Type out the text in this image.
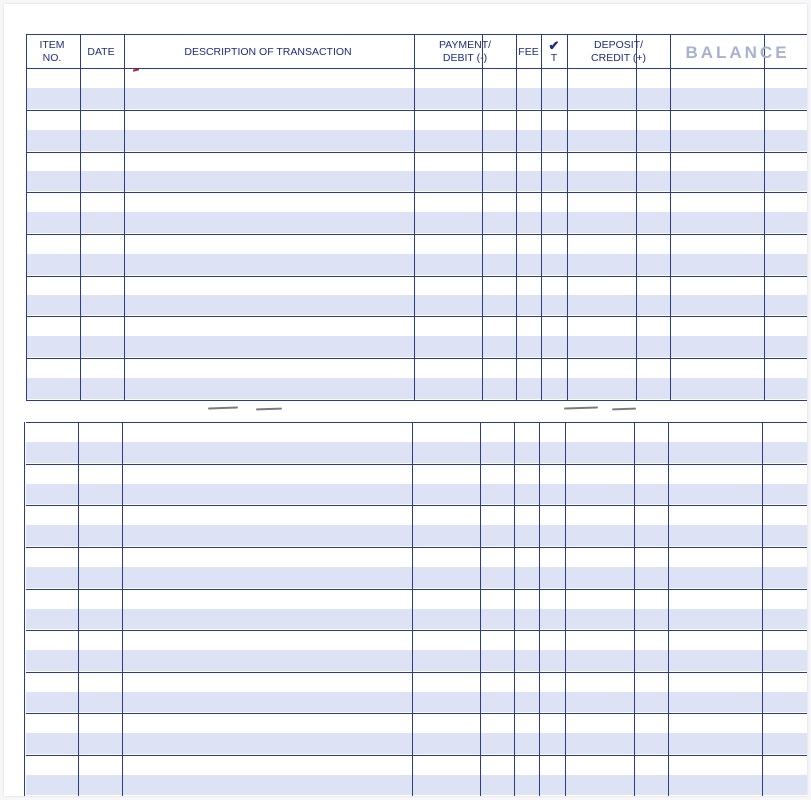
ITEM
NO.
DATE	DESCRIPTION OF TRANSACTION
PAYMENT/
DEBIT (-)
FEE ✔
T
DEPOSIT/
CREDIT (+) BALANCE
